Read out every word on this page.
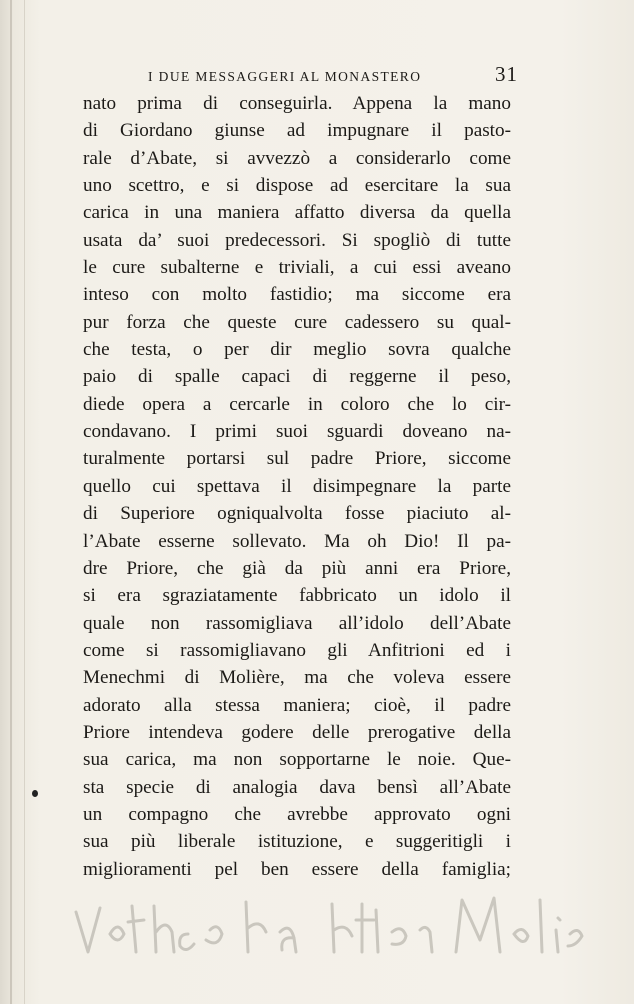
I DUE MESSAGGERI AL MONASTERO	31
nato prima di conseguirla. Appena la mano
di Giordano giunse ad impugnare il pasto-
rale d’Abate, si avvezzò a considerarlo come
uno scettro, e si dispose ad esercitare la sua
carica in una maniera affatto diversa da quella
usata da’ suoi predecessori. Si spogliò di tutte
le cure subalterne e triviali, a cui essi aveano
inteso con molto fastidio; ma siccome era
pur forza che queste cure cadessero su qual-
che testa, o per dir meglio sovra qualche
paio di spalle capaci di reggerne il peso,
diede opera a cercarle in coloro che lo cir-
condavano. I primi suoi sguardi doveano na-
turalmente portarsi sul padre Priore, siccome
quello cui spettava il disimpegnare la parte
di Superiore ogniqualvolta fosse piaciuto al-
l’Abate esserne sollevato. Ma oh Dio! Il pa-
dre Priore, che già da più anni era Priore,
si era sgraziatamente fabbricato un idolo il
quale non rassomigliava all’idolo dell’Abate
come si rassomigliavano gli Anfitrioni ed i
Menechmi di Molière, ma che voleva essere
adorato alla stessa maniera; cioè, il padre
Priore intendeva godere delle prerogative della
sua carica, ma non sopportarne le noie. Que-
sta specie di analogia dava bensì all’Abate
un compagno che avrebbe approvato ogni
sua più liberale istituzione, e suggeritigli i
miglioramenti pel ben essere della famiglia;
Vedi Anche la lettera Molière
